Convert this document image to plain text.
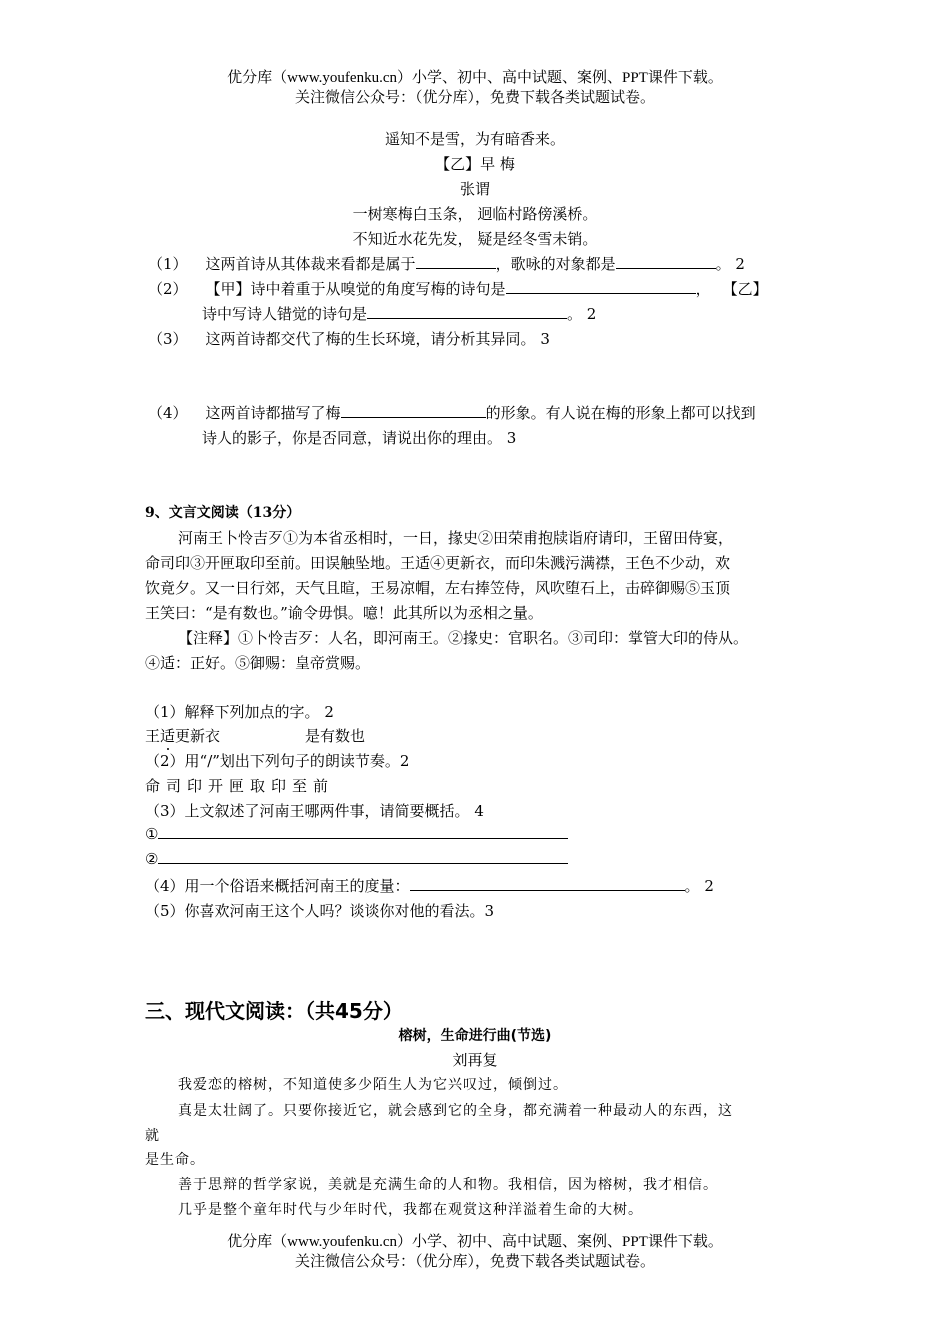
优分库（www.youfenku.cn）小学、初中、高中试题、案例、PPT课件下载。
关注微信公众号：（优分库），免费下载各类试题试卷。
遥知不是雪，为有暗香来。
【乙】早 梅
张谓
一树寒梅白玉条， 迥临村路傍溪桥。
不知近水花先发， 疑是经冬雪未销。
（1） 这两首诗从其体裁来看都是属于	，歌咏的对象都是	。 2
（2） 【甲】诗中着重于从嗅觉的角度写梅的诗句是	， 【乙】
诗中写诗人错觉的诗句是	。 2
（3） 这两首诗都交代了梅的生长环境，请分析其异同。 3
（4） 这两首诗都描写了梅	的形象。有人说在梅的形象上都可以找到
诗人的影子，你是否同意，请说出你的理由。 3
9、文言文阅读（13分）
河南王卜怜吉歹①为本省丞相时，一日，掾史②田荣甫抱牍诣府请印，王留田侍宴，
命司印③开匣取印至前。田误触坠地。王适④更新衣，而印朱溅污满襟，王色不少动，欢
饮竟夕。又一日行郊，天气且暄，王易凉帽，左右捧笠侍，风吹堕石上，击碎御赐⑤玉顶
王笑曰：“是有数也。”谕令毋惧。噫！此其所以为丞相之量。
【注释】①卜怜吉歹：人名，即河南王。②掾史：官职名。③司印：掌管大印的侍从。
④适：正好。⑤御赐：皇帝赏赐。
（1）解释下列加点的字。 2
王适更新衣	是有数也
（2）用“/”划出下列句子的朗读节奏。2
命司印开匣取印至前
（3）上文叙述了河南王哪两件事，请简要概括。 4
①
②
（4）用一个俗语来概括河南王的度量：	。 2
（5）你喜欢河南王这个人吗？谈谈你对他的看法。3
三、现代文阅读：（共45分）
榕树，生命进行曲(节选)
刘再复
我爱恋的榕树，不知道使多少陌生人为它兴叹过，倾倒过。
真是太壮阔了。只要你接近它，就会感到它的全身，都充满着一种最动人的东西，这
就
是生命。
善于思辩的哲学家说，美就是充满生命的人和物。我相信，因为榕树，我才相信。
几乎是整个童年时代与少年时代，我都在观赏这种洋溢着生命的大树。
优分库（www.youfenku.cn）小学、初中、高中试题、案例、PPT课件下载。
关注微信公众号：（优分库），免费下载各类试题试卷。
